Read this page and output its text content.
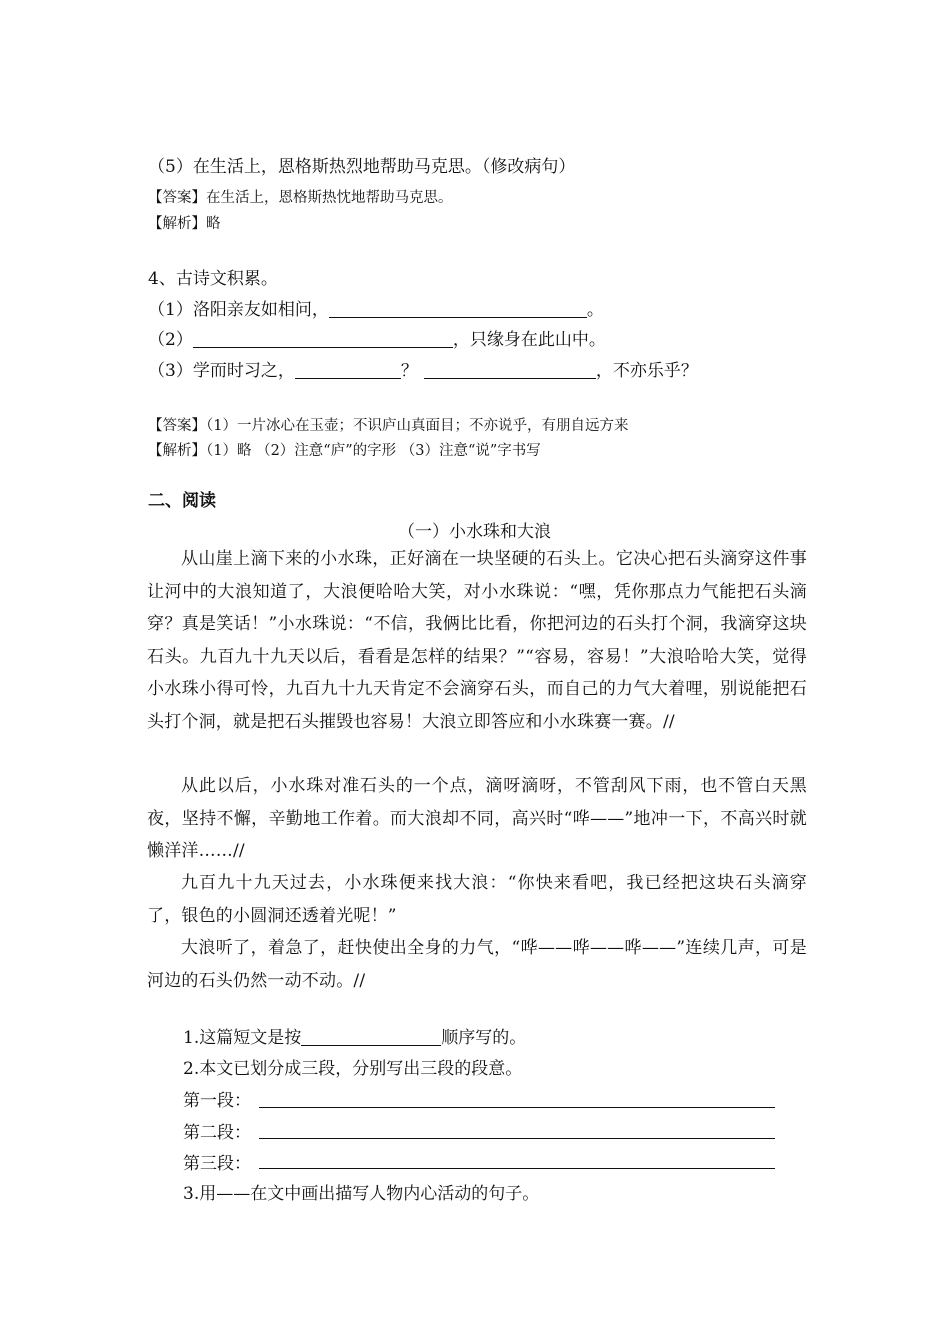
（5）在生活上，恩格斯热烈地帮助马克思。（修改病句）
【答案】在生活上，恩格斯热忱地帮助马克思。
【解析】略
4、古诗文积累。
（1）洛阳亲友如相问，	。
（2）	，只缘身在此山中。
（3）学而时习之，	？	，不亦乐乎？
【答案】（1）一片冰心在玉壶；不识庐山真面目；不亦说乎，有朋自远方来
【解析】（1）略 （2）注意“庐”的字形 （3）注意“说”字书写
二、阅读
（一）小水珠和大浪
从山崖上滴下来的小水珠，正好滴在一块坚硬的石头上。它决心把石头滴穿这件事让河中的大浪知道了，大浪便哈哈大笑，对小水珠说：“嘿，凭你那点力气能把石头滴穿？真是笑话！”小水珠说：“不信，我俩比比看，你把河边的石头打个洞，我滴穿这块石头。九百九十九天以后，看看是怎样的结果？”“容易，容易！”大浪哈哈大笑，觉得小水珠小得可怜，九百九十九天肯定不会滴穿石头，而自己的力气大着哩，别说能把石头打个洞，就是把石头摧毁也容易！大浪立即答应和小水珠赛一赛。//
从此以后，小水珠对准石头的一个点，滴呀滴呀，不管刮风下雨，也不管白天黑夜，坚持不懈，辛勤地工作着。而大浪却不同，高兴时“哗——”地冲一下，不高兴时就懒洋洋……//
九百九十九天过去，小水珠便来找大浪：“你快来看吧，我已经把这块石头滴穿了，银色的小圆洞还透着光呢！”
大浪听了，着急了，赶快使出全身的力气，“哗——哗——哗——”连续几声，可是河边的石头仍然一动不动。//
1.这篇短文是按	顺序写的。
2.本文已划分成三段，分别写出三段的段意。
第一段：
第二段：
第三段：
3.用——在文中画出描写人物内心活动的句子。
